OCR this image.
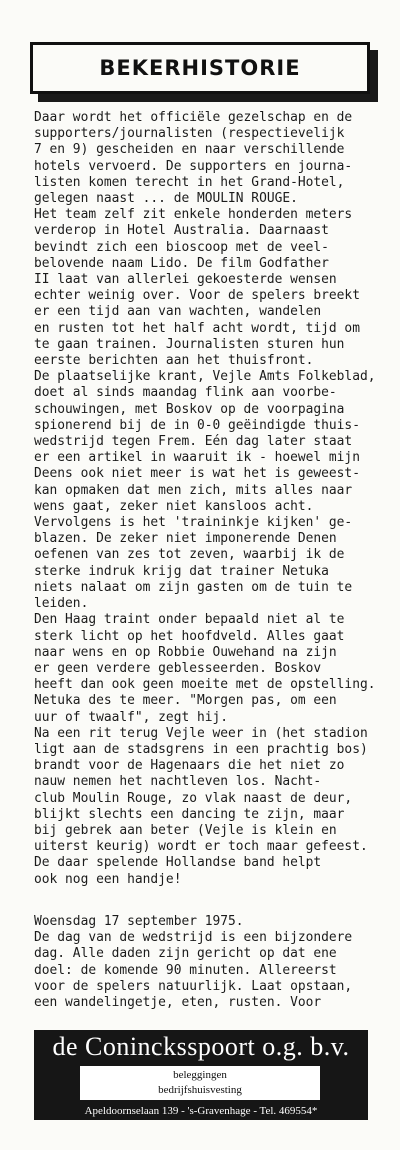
BEKERHISTORIE
Daar wordt het officiële gezelschap en de
supporters/journalisten (respectievelijk
7 en 9) gescheiden en naar verschillende
hotels vervoerd. De supporters en journa-
listen komen terecht in het Grand-Hotel,
gelegen naast ... de MOULIN ROUGE.
Het team zelf zit enkele honderden meters
verderop in Hotel Australia. Daarnaast
bevindt zich een bioscoop met de veel-
belovende naam Lido. De film Godfather
II laat van allerlei gekoesterde wensen
echter weinig over. Voor de spelers breekt
er een tijd aan van wachten, wandelen
en rusten tot het half acht wordt, tijd om
te gaan trainen. Journalisten sturen hun
eerste berichten aan het thuisfront.
De plaatselijke krant, Vejle Amts Folkeblad,
doet al sinds maandag flink aan voorbe-
schouwingen, met Boskov op de voorpagina
spionerend bij de in 0-0 geëindigde thuis-
wedstrijd tegen Frem. Eén dag later staat
er een artikel in waaruit ik - hoewel mijn
Deens ook niet meer is wat het is geweest-
kan opmaken dat men zich, mits alles naar
wens gaat, zeker niet kansloos acht.
Vervolgens is het 'traininkje kijken' ge-
blazen. De zeker niet imponerende Denen
oefenen van zes tot zeven, waarbij ik de
sterke indruk krijg dat trainer Netuka
niets nalaat om zijn gasten om de tuin te
leiden.
Den Haag traint onder bepaald niet al te
sterk licht op het hoofdveld. Alles gaat
naar wens en op Robbie Ouwehand na zijn
er geen verdere geblesseerden. Boskov
heeft dan ook geen moeite met de opstelling.
Netuka des te meer. "Morgen pas, om een
uur of twaalf", zegt hij.
Na een rit terug Vejle weer in (het stadion
ligt aan de stadsgrens in een prachtig bos)
brandt voor de Hagenaars die het niet zo
nauw nemen het nachtleven los. Nacht-
club Moulin Rouge, zo vlak naast de deur,
blijkt slechts een dancing te zijn, maar
bij gebrek aan beter (Vejle is klein en
uiterst keurig) wordt er toch maar gefeest.
De daar spelende Hollandse band helpt
ook nog een handje!
Woensdag 17 september 1975.
De dag van de wedstrijd is een bijzondere
dag. Alle daden zijn gericht op dat ene
doel: de komende 90 minuten. Allereerst
voor de spelers natuurlijk. Laat opstaan,
een wandelingetje, eten, rusten. Voor
de Conincksspoort o.g. b.v.
beleggingen
bedrijfshuisvesting
Apeldoornselaan 139 - 's-Gravenhage - Tel. 469554*
